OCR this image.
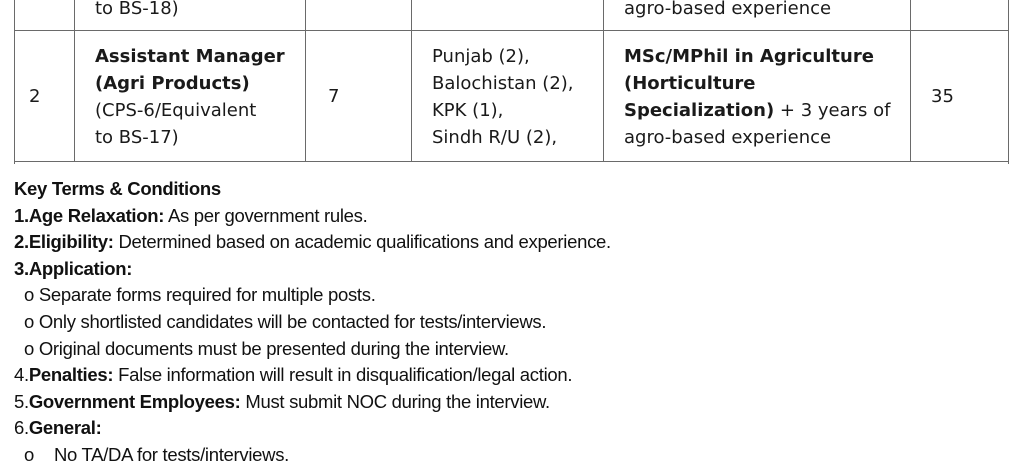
to BS-18)	agro-based experience
2
Assistant Manager
(Agri Products)
(CPS-6/Equivalent
to BS-17)
7
Punjab (2),
Balochistan (2),
KPK (1),
Sindh R/U (2),
MSc/MPhil in Agriculture
(Horticulture
Specialization) + 3 years of
agro-based experience
35
Key Terms & Conditions
1.Age Relaxation: As per government rules.
2.Eligibility: Determined based on academic qualifications and experience.
3.Application:
o Separate forms required for multiple posts.
o Only shortlisted candidates will be contacted for tests/interviews.
o Original documents must be presented during the interview.
4.Penalties: False information will result in disqualification/legal action.
5.Government Employees: Must submit NOC during the interview.
6.General:
o No TA/DA for tests/interviews.
